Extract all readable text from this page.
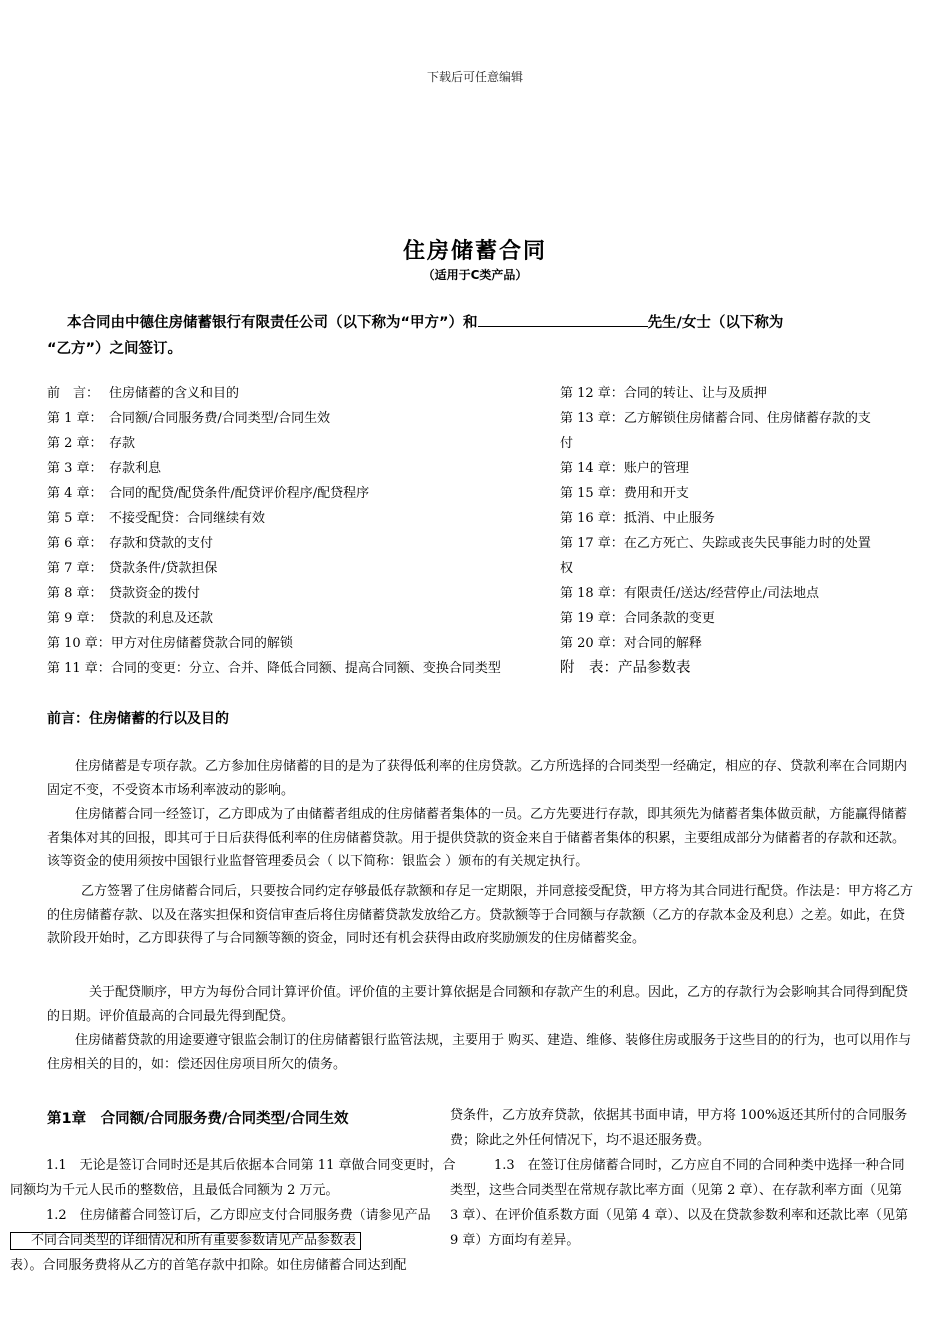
下载后可任意编辑
住房储蓄合同
（适用于C类产品）
本合同由中德住房储蓄银行有限责任公司（以下称为“甲方”）和	先生/女士（以下称为
“乙方”）之间签订。
前　言： 住房储蓄的含义和目的
第 1 章： 合同额/合同服务费/合同类型/合同生效
第 2 章： 存款
第 3 章： 存款利息
第 4 章： 合同的配贷/配贷条件/配贷评价程序/配贷程序
第 5 章： 不接受配贷：合同继续有效
第 6 章： 存款和贷款的支付
第 7 章： 贷款条件/贷款担保
第 8 章： 贷款资金的拨付
第 9 章： 贷款的利息及还款
第 10 章：甲方对住房储蓄贷款合同的解锁
第 11 章：合同的变更：分立、合并、降低合同额、提高合同额、变换合同类型
第 12 章：合同的转让、让与及质押
第 13 章：乙方解锁住房储蓄合同、住房储蓄存款的支
付
第 14 章：账户的管理
第 15 章：费用和开支
第 16 章：抵消、中止服务
第 17 章：在乙方死亡、失踪或丧失民事能力时的处置
权
第 18 章：有限责任/送达/经营停止/司法地点
第 19 章：合同条款的变更
第 20 章：对合同的解释
附　表：产品参数表
前言：住房储蓄的行以及目的
住房储蓄是专项存款。乙方参加住房储蓄的目的是为了获得低利率的住房贷款。乙方所选择的合同类型一经确定，相应的存、贷款利率在合同期内固定不变，不受资本市场利率波动的影响。
住房储蓄合同一经签订，乙方即成为了由储蓄者组成的住房储蓄者集体的一员。乙方先要进行存款，即其须先为储蓄者集体做贡献，方能赢得储蓄者集体对其的回报，即其可于日后获得低利率的住房储蓄贷款。用于提供贷款的资金来自于储蓄者集体的积累，主要组成部分为储蓄者的存款和还款。该等资金的使用须按中国银行业监督管理委员会（ 以下简称：银监会 ）颁布的有关规定执行。
乙方签署了住房储蓄合同后，只要按合同约定存够最低存款额和存足一定期限，并同意接受配贷，甲方将为其合同进行配贷。作法是：甲方将乙方的住房储蓄存款、以及在落实担保和资信审查后将住房储蓄贷款发放给乙方。贷款额等于合同额与存款额（乙方的存款本金及利息）之差。如此，在贷款阶段开始时，乙方即获得了与合同额等额的资金，同时还有机会获得由政府奖励颁发的住房储蓄奖金。
关于配贷顺序，甲方为每份合同计算评价值。评价值的主要计算依据是合同额和存款产生的利息。因此，乙方的存款行为会影响其合同得到配贷的日期。评价值最高的合同最先得到配贷。
住房储蓄贷款的用途要遵守银监会制订的住房储蓄银行监管法规，主要用于 购买、建造、维修、装修住房或服务于这些目的的行为，也可以用作与住房相关的目的，如：偿还因住房项目所欠的债务。
第1章　合同额/合同服务费/合同类型/合同生效
1.1　无论是签订合同时还是其后依据本合同第 11 章做合同变更时，合同额均为千元人民币的整数倍，且最低合同额为 2 万元。
1.2　住房储蓄合同签订后，乙方即应支付合同服务费（请参见产品
不同合同类型的详细情况和所有重要参数请见产品参数表
表）。合同服务费将从乙方的首笔存款中扣除。如住房储蓄合同达到配
贷条件，乙方放弃贷款，依据其书面申请，甲方将 100%返还其所付的合同服务费；除此之外任何情况下，均不退还服务费。
1.3　在签订住房储蓄合同时，乙方应自不同的合同种类中选择一种合同类型，这些合同类型在常规存款比率方面（见第 2 章）、在存款利率方面（见第 3 章）、在评价值系数方面（见第 4 章）、以及在贷款参数利率和还款比率（见第 9 章）方面均有差异。
